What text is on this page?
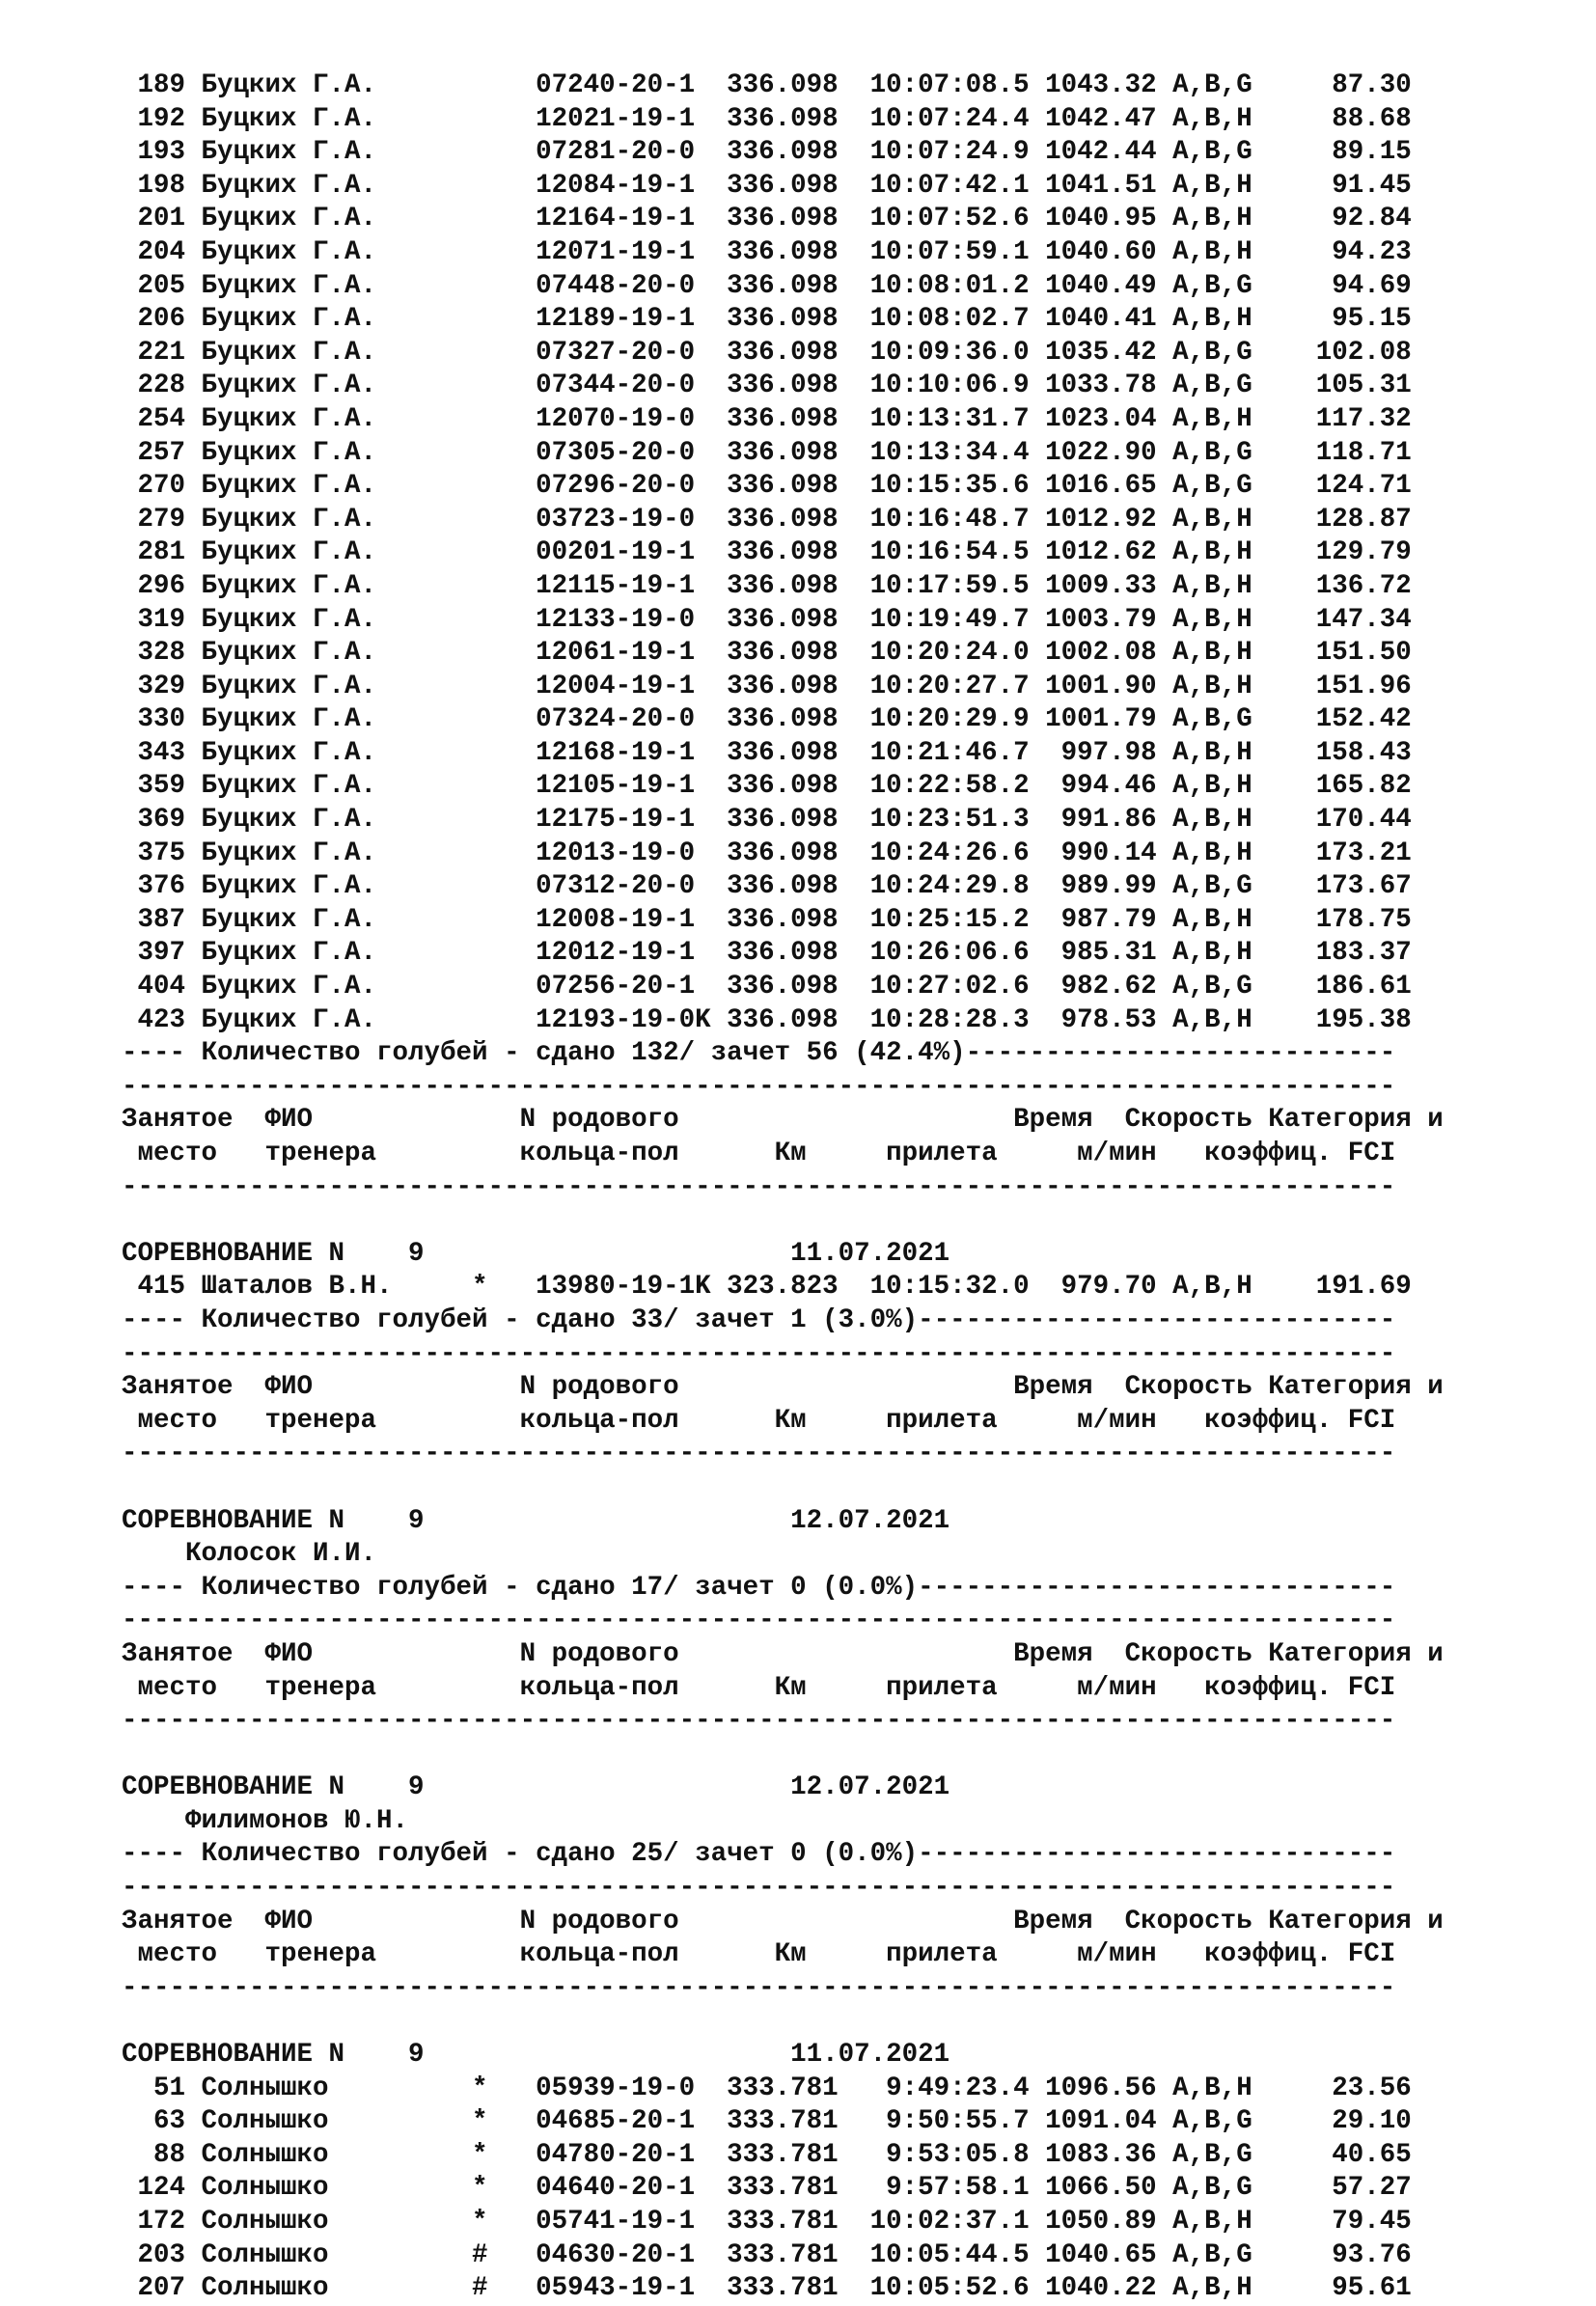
189 Буцких Г.А.          07240-20-1  336.098  10:07:08.5 1043.32 A,B,G     87.30
192 Буцких Г.А.          12021-19-1  336.098  10:07:24.4 1042.47 A,B,H     88.68
193 Буцких Г.А.          07281-20-0  336.098  10:07:24.9 1042.44 A,B,G     89.15
198 Буцких Г.А.          12084-19-1  336.098  10:07:42.1 1041.51 A,B,H     91.45
201 Буцких Г.А.          12164-19-1  336.098  10:07:52.6 1040.95 A,B,H     92.84
204 Буцких Г.А.          12071-19-1  336.098  10:07:59.1 1040.60 A,B,H     94.23
205 Буцких Г.А.          07448-20-0  336.098  10:08:01.2 1040.49 A,B,G     94.69
206 Буцких Г.А.          12189-19-1  336.098  10:08:02.7 1040.41 A,B,H     95.15
221 Буцких Г.А.          07327-20-0  336.098  10:09:36.0 1035.42 A,B,G    102.08
228 Буцких Г.А.          07344-20-0  336.098  10:10:06.9 1033.78 A,B,G    105.31
254 Буцких Г.А.          12070-19-0  336.098  10:13:31.7 1023.04 A,B,H    117.32
257 Буцких Г.А.          07305-20-0  336.098  10:13:34.4 1022.90 A,B,G    118.71
270 Буцких Г.А.          07296-20-0  336.098  10:15:35.6 1016.65 A,B,G    124.71
279 Буцких Г.А.          03723-19-0  336.098  10:16:48.7 1012.92 A,B,H    128.87
281 Буцких Г.А.          00201-19-1  336.098  10:16:54.5 1012.62 A,B,H    129.79
296 Буцких Г.А.          12115-19-1  336.098  10:17:59.5 1009.33 A,B,H    136.72
319 Буцких Г.А.          12133-19-0  336.098  10:19:49.7 1003.79 A,B,H    147.34
328 Буцких Г.А.          12061-19-1  336.098  10:20:24.0 1002.08 A,B,H    151.50
329 Буцких Г.А.          12004-19-1  336.098  10:20:27.7 1001.90 A,B,H    151.96
330 Буцких Г.А.          07324-20-0  336.098  10:20:29.9 1001.79 A,B,G    152.42
343 Буцких Г.А.          12168-19-1  336.098  10:21:46.7  997.98 A,B,H    158.43
359 Буцких Г.А.          12105-19-1  336.098  10:22:58.2  994.46 A,B,H    165.82
369 Буцких Г.А.          12175-19-1  336.098  10:23:51.3  991.86 A,B,H    170.44
375 Буцких Г.А.          12013-19-0  336.098  10:24:26.6  990.14 A,B,H    173.21
376 Буцких Г.А.          07312-20-0  336.098  10:24:29.8  989.99 A,B,G    173.67
387 Буцких Г.А.          12008-19-1  336.098  10:25:15.2  987.79 A,B,H    178.75
397 Буцких Г.А.          12012-19-1  336.098  10:26:06.6  985.31 A,B,H    183.37
404 Буцких Г.А.          07256-20-1  336.098  10:27:02.6  982.62 A,B,G    186.61
423 Буцких Г.А.          12193-19-0K 336.098  10:28:28.3  978.53 A,B,H    195.38
---- Количество голубей - сдано 132/ зачет 56 (42.4%)---------------------------
--------------------------------------------------------------------------------
Занятое  ФИО             N родового                     Время  Скорость Категория и
место   тренера         кольца-пол      Км     прилета     м/мин   коэффиц. FCI
--------------------------------------------------------------------------------
СОРЕВНОВАНИЕ N    9                       11.07.2021
415 Шаталов В.Н.     *   13980-19-1K 323.823  10:15:32.0  979.70 A,B,H    191.69
---- Количество голубей - сдано 33/ зачет 1 (3.0%)------------------------------
--------------------------------------------------------------------------------
Занятое  ФИО             N родового                     Время  Скорость Категория и
место   тренера         кольца-пол      Км     прилета     м/мин   коэффиц. FCI
--------------------------------------------------------------------------------
СОРЕВНОВАНИЕ N    9                       12.07.2021
Колосок И.И.
---- Количество голубей - сдано 17/ зачет 0 (0.0%)------------------------------
--------------------------------------------------------------------------------
Занятое  ФИО             N родового                     Время  Скорость Категория и
место   тренера         кольца-пол      Км     прилета     м/мин   коэффиц. FCI
--------------------------------------------------------------------------------
СОРЕВНОВАНИЕ N    9                       12.07.2021
Филимонов Ю.Н.
---- Количество голубей - сдано 25/ зачет 0 (0.0%)------------------------------
--------------------------------------------------------------------------------
Занятое  ФИО             N родового                     Время  Скорость Категория и
место   тренера         кольца-пол      Км     прилета     м/мин   коэффиц. FCI
--------------------------------------------------------------------------------
СОРЕВНОВАНИЕ N    9                       11.07.2021
51 Солнышко         *   05939-19-0  333.781   9:49:23.4 1096.56 A,B,H     23.56
63 Солнышко         *   04685-20-1  333.781   9:50:55.7 1091.04 A,B,G     29.10
88 Солнышко         *   04780-20-1  333.781   9:53:05.8 1083.36 A,B,G     40.65
124 Солнышко         *   04640-20-1  333.781   9:57:58.1 1066.50 A,B,G     57.27
172 Солнышко         *   05741-19-1  333.781  10:02:37.1 1050.89 A,B,H     79.45
203 Солнышко         #   04630-20-1  333.781  10:05:44.5 1040.65 A,B,G     93.76
207 Солнышко         #   05943-19-1  333.781  10:05:52.6 1040.22 A,B,H     95.61
